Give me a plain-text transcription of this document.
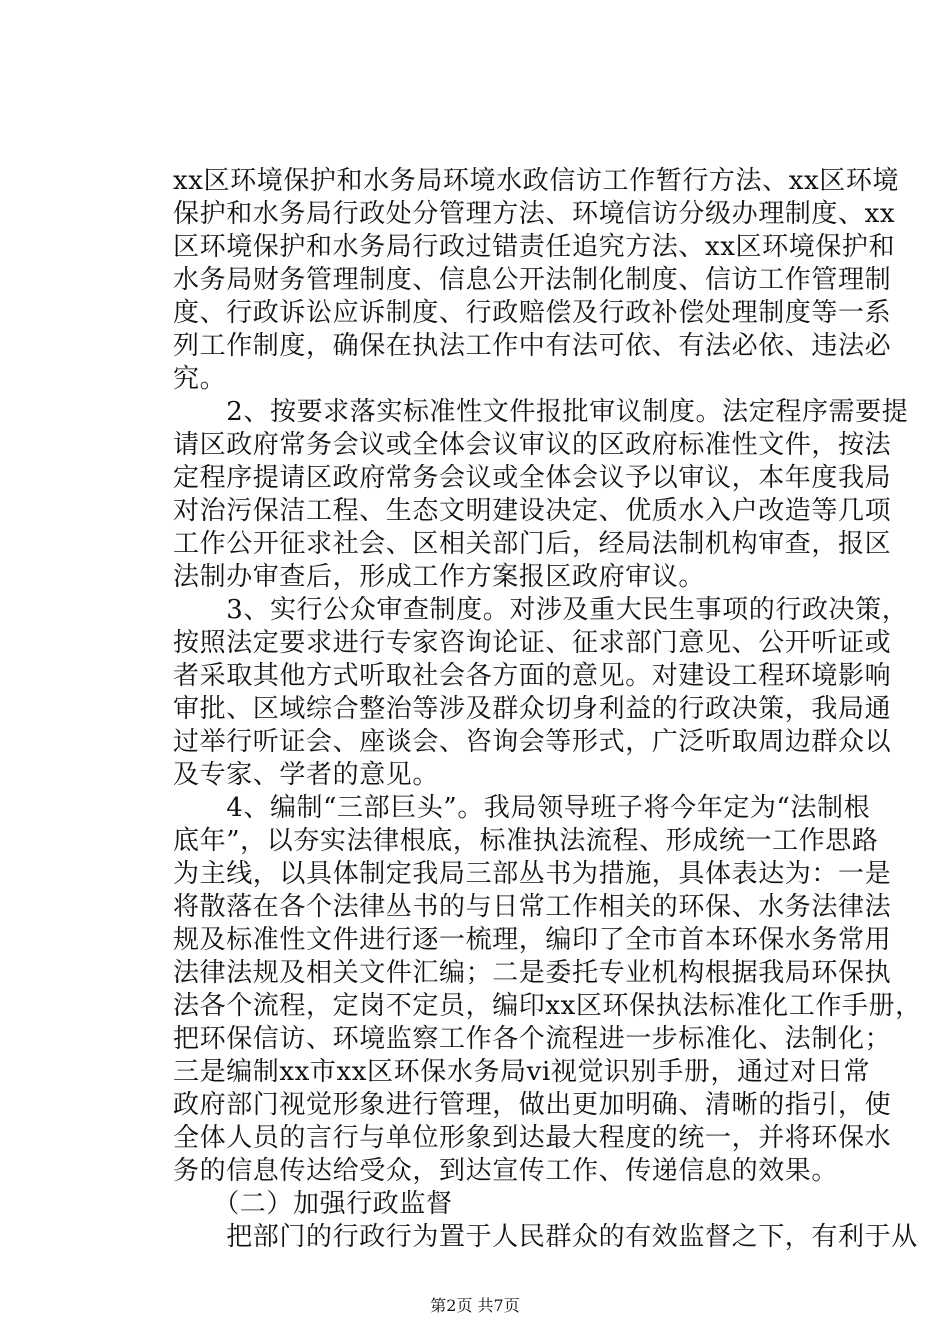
xx区环境保护和水务局环境水政信访工作暂行方法、xx区环境
保护和水务局行政处分管理方法、环境信访分级办理制度、xx
区环境保护和水务局行政过错责任追究方法、xx区环境保护和
水务局财务管理制度、信息公开法制化制度、信访工作管理制
度、行政诉讼应诉制度、行政赔偿及行政补偿处理制度等一系
列工作制度，确保在执法工作中有法可依、有法必依、违法必
究。
　　2、按要求落实标准性文件报批审议制度。法定程序需要提
请区政府常务会议或全体会议审议的区政府标准性文件，按法
定程序提请区政府常务会议或全体会议予以审议，本年度我局
对治污保洁工程、生态文明建设决定、优质水入户改造等几项
工作公开征求社会、区相关部门后，经局法制机构审查，报区
法制办审查后，形成工作方案报区政府审议。
　　3、实行公众审查制度。对涉及重大民生事项的行政决策，
按照法定要求进行专家咨询论证、征求部门意见、公开听证或
者采取其他方式听取社会各方面的意见。对建设工程环境影响
审批、区域综合整治等涉及群众切身利益的行政决策，我局通
过举行听证会、座谈会、咨询会等形式，广泛听取周边群众以
及专家、学者的意见。
　　4、编制“三部巨头”。我局领导班子将今年定为“法制根
底年”，以夯实法律根底，标准执法流程、形成统一工作思路
为主线，以具体制定我局三部丛书为措施，具体表达为：一是
将散落在各个法律丛书的与日常工作相关的环保、水务法律法
规及标准性文件进行逐一梳理，编印了全市首本环保水务常用
法律法规及相关文件汇编；二是委托专业机构根据我局环保执
法各个流程，定岗不定员，编印xx区环保执法标准化工作手册，
把环保信访、环境监察工作各个流程进一步标准化、法制化；
三是编制xx市xx区环保水务局vi视觉识别手册，通过对日常
政府部门视觉形象进行管理，做出更加明确、清晰的指引，使
全体人员的言行与单位形象到达最大程度的统一，并将环保水
务的信息传达给受众，到达宣传工作、传递信息的效果。
　　（二）加强行政监督
　　把部门的行政行为置于人民群众的有效监督之下，有利于从
第2页 共7页
